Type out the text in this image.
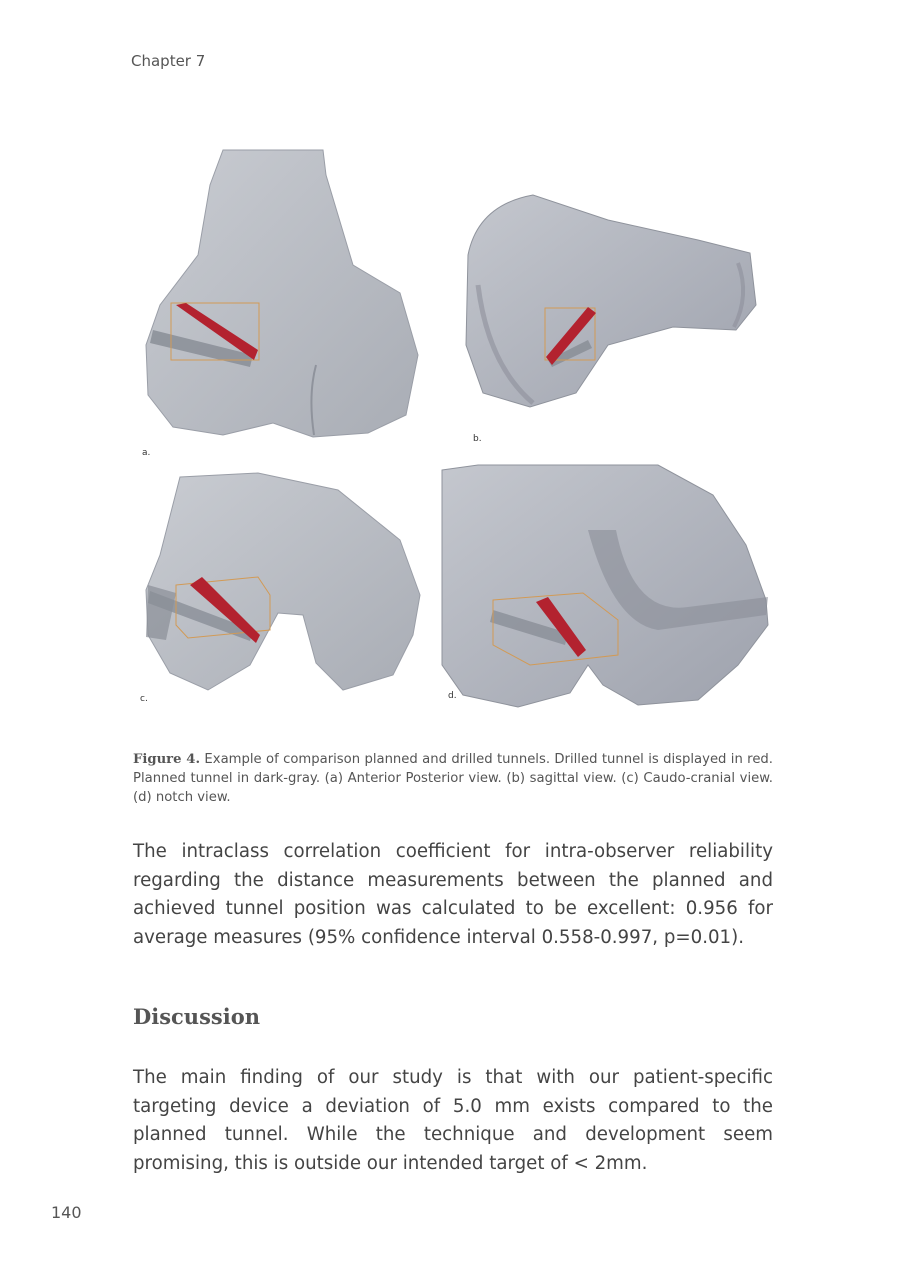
Chapter 7
a.
b.
c.	d.
Figure 4. Example of comparison planned and drilled tunnels. Drilled tunnel is displayed in red. Planned tunnel in dark-gray. (a) Anterior Posterior view. (b) sagittal view. (c) Caudo-cranial view. (d) notch view.
The intraclass correlation coefficient for intra-observer reliability regarding the distance measurements between the planned and achieved tunnel position was calculated to be excellent: 0.956 for average measures (95% confidence interval 0.558-0.997, p=0.01).
Discussion
The main finding of our study is that with our patient-specific targeting device a deviation of 5.0 mm exists compared to the planned tunnel. While the technique and development seem promising, this is outside our intended target of < 2mm.
140
